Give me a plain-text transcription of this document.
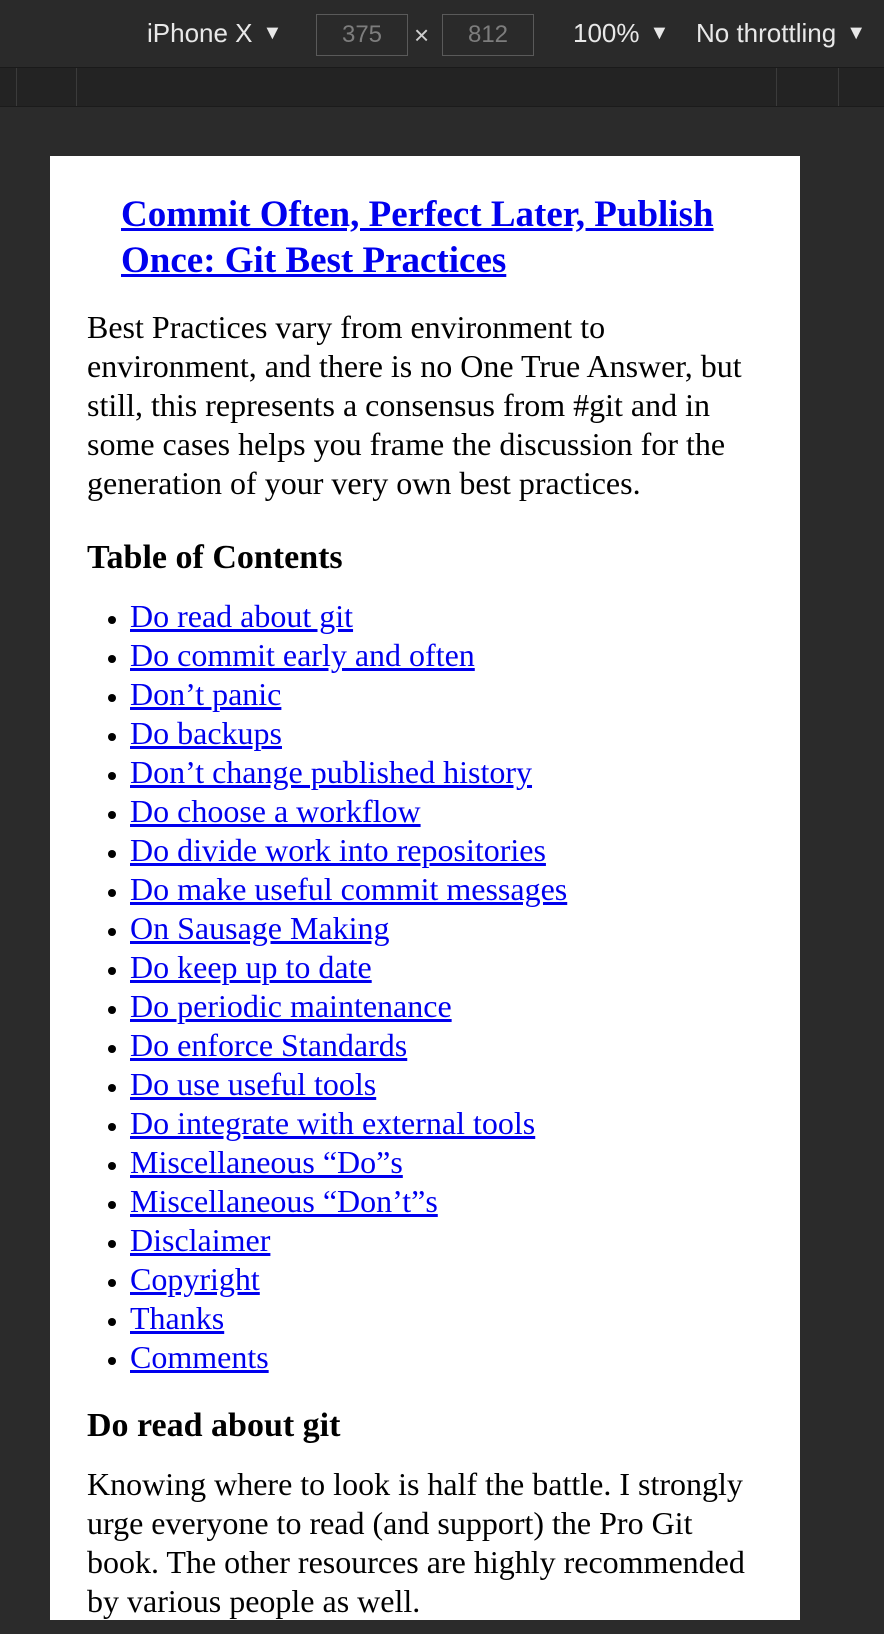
iPhone X ▼	375	×	812	100% ▼ No throttling ▼
Commit Often, Perfect Later, Publish Once: Git Best Practices

Best Practices vary from environment to environment, and there is no One True Answer, but still, this represents a consensus from #git and in some cases helps you frame the discussion for the generation of your very own best practices.

Table of Contents
• Do read about git
• Do commit early and often
• Don’t panic
• Do backups
• Don’t change published history
• Do choose a workflow
• Do divide work into repositories
• Do make useful commit messages
• On Sausage Making
• Do keep up to date
• Do periodic maintenance
• Do enforce Standards
• Do use useful tools
• Do integrate with external tools
• Miscellaneous “Do”s
• Miscellaneous “Don’t”s
• Disclaimer
• Copyright
• Thanks
• Comments
Do read about git

Knowing where to look is half the battle. I strongly urge everyone to read (and support) the Pro Git book. The other resources are highly recommended by various people as well.
